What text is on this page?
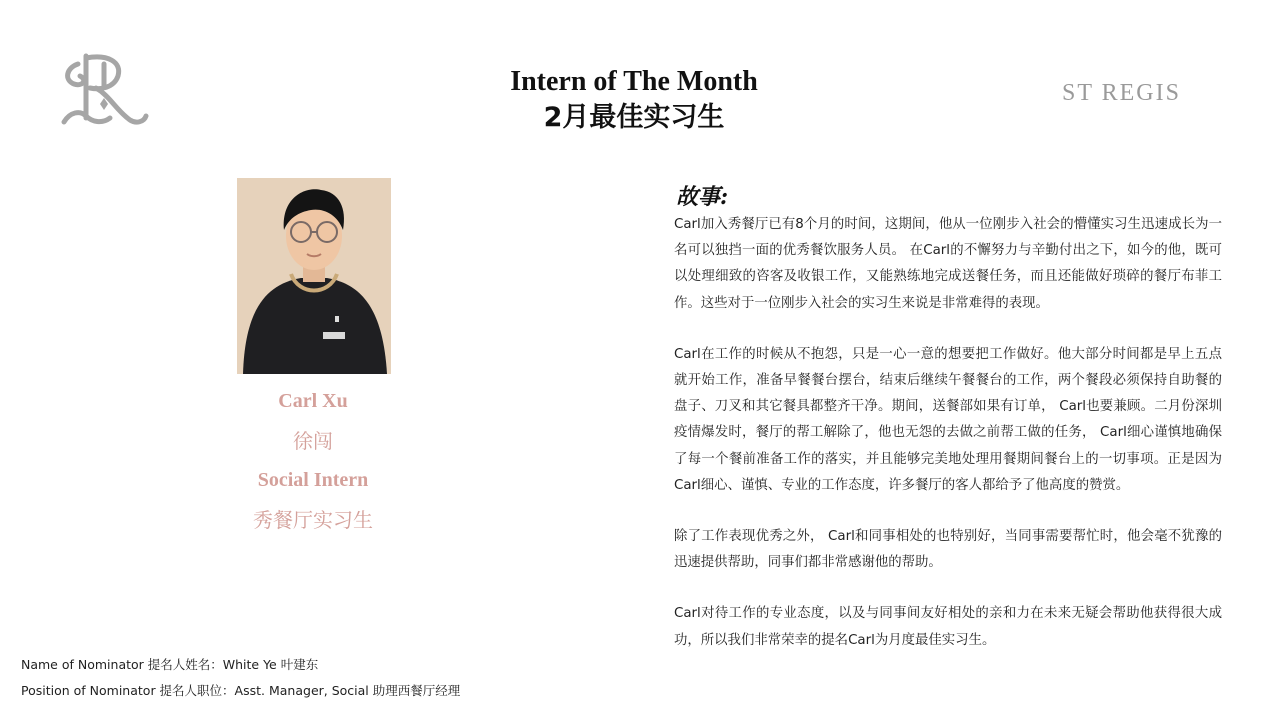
ST REGIS
Intern of The Month
2月最佳实习生
Carl Xu
徐闯
Social Intern
秀餐厅实习生
故事:

Carl加入秀餐厅已有8个月的时间，这期间，他从一位刚步入社会的懵懂实习生迅速成长为一名可以独挡一面的优秀餐饮服务人员。 在Carl的不懈努力与辛勤付出之下，如今的他，既可以处理细致的咨客及收银工作，又能熟练地完成送餐任务，而且还能做好琐碎的餐厅布菲工作。这些对于一位刚步入社会的实习生来说是非常难得的表现。

Carl在工作的时候从不抱怨，只是一心一意的想要把工作做好。他大部分时间都是早上五点就开始工作，准备早餐餐台摆台，结束后继续午餐餐台的工作，两个餐段必须保持自助餐的盘子、刀叉和其它餐具都整齐干净。期间，送餐部如果有订单， Carl也要兼顾。二月份深圳疫情爆发时，餐厅的帮工解除了，他也无怨的去做之前帮工做的任务， Carl细心谨慎地确保了每一个餐前准备工作的落实，并且能够完美地处理用餐期间餐台上的一切事项。正是因为Carl细心、谨慎、专业的工作态度，许多餐厅的客人都给予了他高度的赞赏。

除了工作表现优秀之外， Carl和同事相处的也特别好，当同事需要帮忙时，他会毫不犹豫的迅速提供帮助，同事们都非常感谢他的帮助。

Carl对待工作的专业态度，以及与同事间友好相处的亲和力在未来无疑会帮助他获得很大成功，所以我们非常荣幸的提名Carl为月度最佳实习生。

Name of Nominator 提名人姓名：White Ye 叶建东
Position of Nominator 提名人职位：Asst. Manager, Social 助理西餐厅经理
